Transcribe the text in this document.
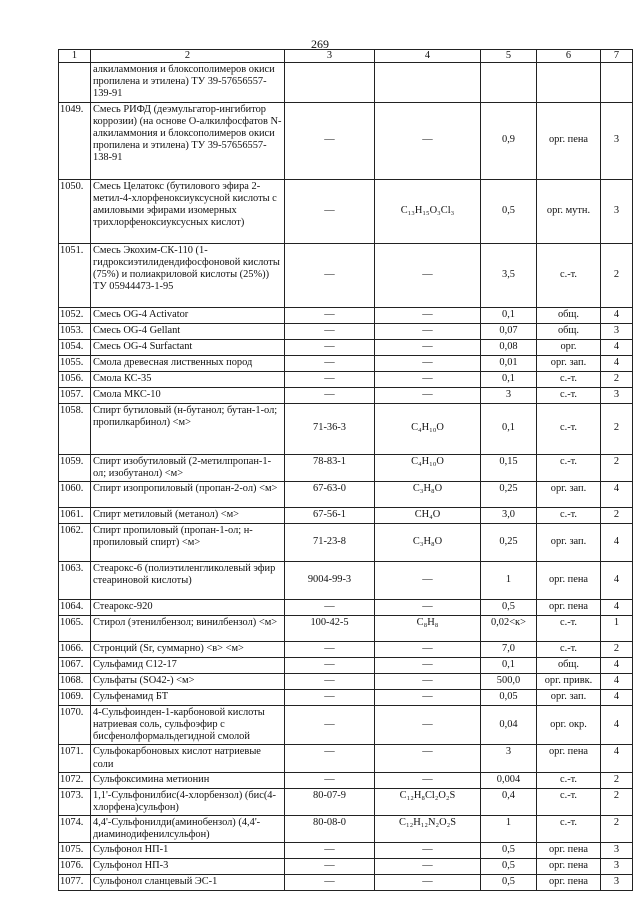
269
1	2	3	4	5	6	7
	алкиламмония и блоксополимеров окиси пропилена и этилена) ТУ 39-57656557-139-91					
1049.	Смесь РИФД (деэмульгатор-ингибитор коррозии) (на основе О-алкилфосфатов N-алкиламмония и блоксополимеров окиси пропилена и этилена) ТУ 39-57656557-138-91	—	—	0,9	орг. пена	3
1050.	Смесь Целатокс (бутилового эфира 2-метил-4-хлорфеноксиуксусной кислоты с амиловыми эфирами изомерных трихлорфеноксиуксусных кислот)	—	C₁₃H₁₅O₃Cl₃	0,5	орг. мутн.	3
1051.	Смесь Экохим-СК-110 (1-гидроксиэтилидендифосфоновой кислоты (75%) и полиакриловой кислоты (25%)) ТУ 05944473-1-95	—	—	3,5	с.-т.	2
1052.	Смесь OG-4 Activator	—	—	0,1	общ.	4
1053.	Смесь OG-4 Gellant	—	—	0,07	общ.	3
1054.	Смесь OG-4 Surfactant	—	—	0,08	орг.	4
1055.	Смола древесная лиственных пород	—	—	0,01	орг. зап.	4
1056.	Смола КС-35	—	—	0,1	с.-т.	2
1057.	Смола МКС-10	—	—	3	с.-т.	3
1058.	Спирт бутиловый (н-бутанол; бутан-1-ол; пропилкарбинол) <м>	71-36-3	C₄H₁₀O	0,1	с.-т.	2
1059.	Спирт изобутиловый (2-метилпропан-1-ол; изобутанол) <м>	78-83-1	C₄H₁₀O	0,15	с.-т.	2
1060.	Спирт изопропиловый (пропан-2-ол) <м>	67-63-0	C₃H₈O	0,25	орг. зап.	4
1061.	Спирт метиловый (метанол) <м>	67-56-1	CH₄O	3,0	с.-т.	2
1062.	Спирт пропиловый (пропан-1-ол; н-пропиловый спирт) <м>	71-23-8	C₃H₈O	0,25	орг. зап.	4
1063.	Стеарокс-6 (полиэтиленгликолевый эфир стеариновой кислоты)	9004-99-3	—	1	орг. пена	4
1064.	Стеарокс-920	—	—	0,5	орг. пена	4
1065.	Стирол (этенилбензол; винилбензол) <м>	100-42-5	C₈H₈	0,02<к>	с.-т.	1
1066.	Стронций (Sr, суммарно) <в> <м>	—	—	7,0	с.-т.	2
1067.	Сульфамид С12-17	—	—	0,1	общ.	4
1068.	Сульфаты (SO42-) <м>	—	—	500,0	орг. привк.	4
1069.	Сульфенамид БТ	—	—	0,05	орг. зап.	4
1070.	4-Сульфоинден-1-карбоновой кислоты натриевая соль, сульфоэфир с бисфенолформальдегидной смолой	—	—	0,04	орг. окр.	4
1071.	Сульфокарбоновых кислот натриевые соли	—	—	3	орг. пена	4
1072.	Сульфоксимина метионин	—	—	0,004	с.-т.	2
1073.	1,1'-Сульфонилбис(4-хлорбензол) (бис(4-хлорфена)сульфон)	80-07-9	C₁₂H₈Cl₂O₂S	0,4	с.-т.	2
1074.	4,4'-Сульфонилди(аминобензол) (4,4'-диаминодифенилсульфон)	80-08-0	C₁₂H₁₂N₂O₂S	1	с.-т.	2
1075.	Сульфонол НП-1	—	—	0,5	орг. пена	3
1076.	Сульфонол НП-3	—	—	0,5	орг. пена	3
1077.	Сульфонол сланцевый ЭС-1	—	—	0,5	орг. пена	3
